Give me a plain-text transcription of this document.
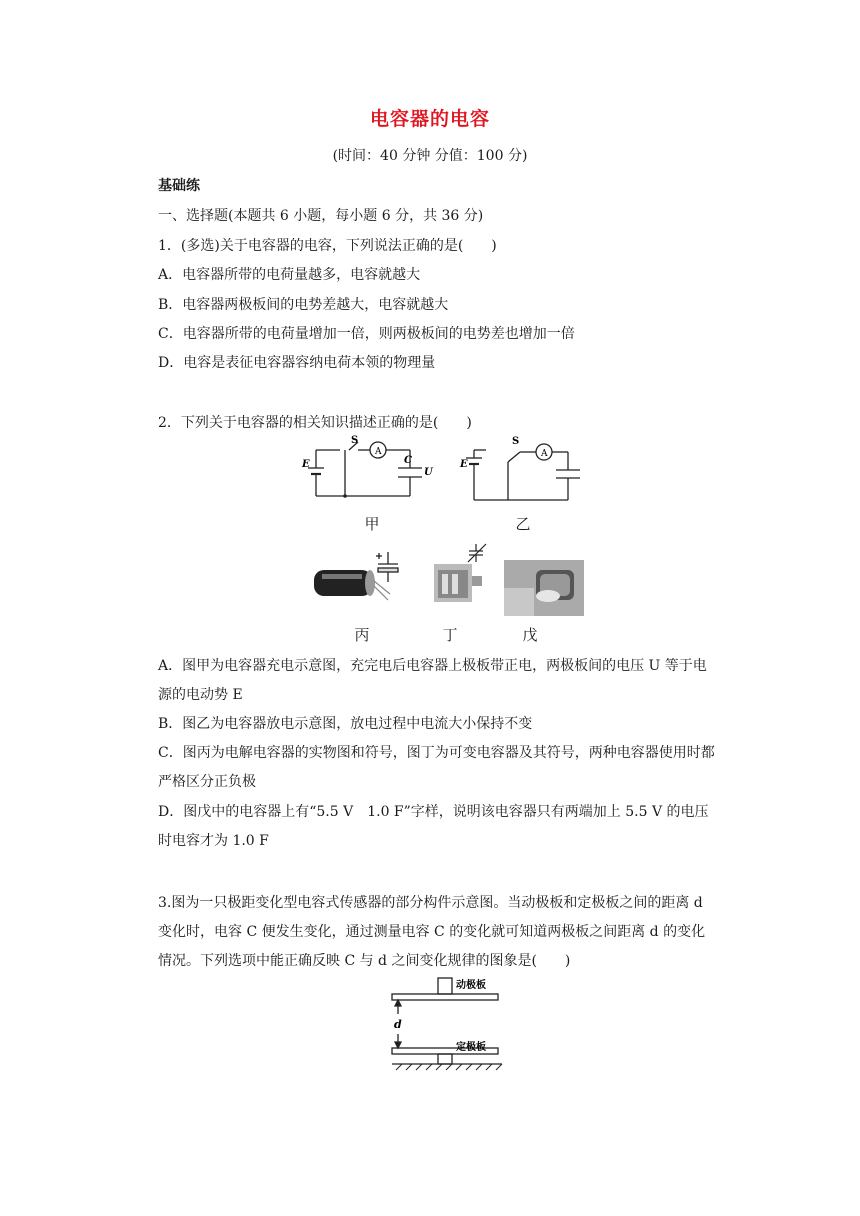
电容器的电容
(时间：40 分钟 分值：100 分)
基础练
一、选择题(本题共 6 小题，每小题 6 分，共 36 分)
1．(多选)关于电容器的电容，下列说法正确的是(　　)
A．电容器所带的电荷量越多，电容就越大
B．电容器两极板间的电势差越大，电容就越大
C．电容器所带的电荷量增加一倍，则两极板间的电势差也增加一倍
D．电容是表征电容器容纳电荷本领的物理量
2．下列关于电容器的相关知识描述正确的是(　　)
A
S
E	C
U
A
S
E
甲	乙
丙	丁	戊
A．图甲为电容器充电示意图，充完电后电容器上极板带正电，两极板间的电压 U 等于电源的电动势 E
B．图乙为电容器放电示意图，放电过程中电流大小保持不变
C．图丙为电解电容器的实物图和符号，图丁为可变电容器及其符号，两种电容器使用时都严格区分正负极
D．图戊中的电容器上有“5.5 V　1.0 F”字样，说明该电容器只有两端加上 5.5 V 的电压时电容才为 1.0 F
3.图为一只极距变化型电容式传感器的部分构件示意图。当动极板和定极板之间的距离 d 变化时，电容 C 便发生变化，通过测量电容 C 的变化就可知道两极板之间距离 d 的变化情况。下列选项中能正确反映 C 与 d 之间变化规律的图象是(　　)
动极板
定极板
d
